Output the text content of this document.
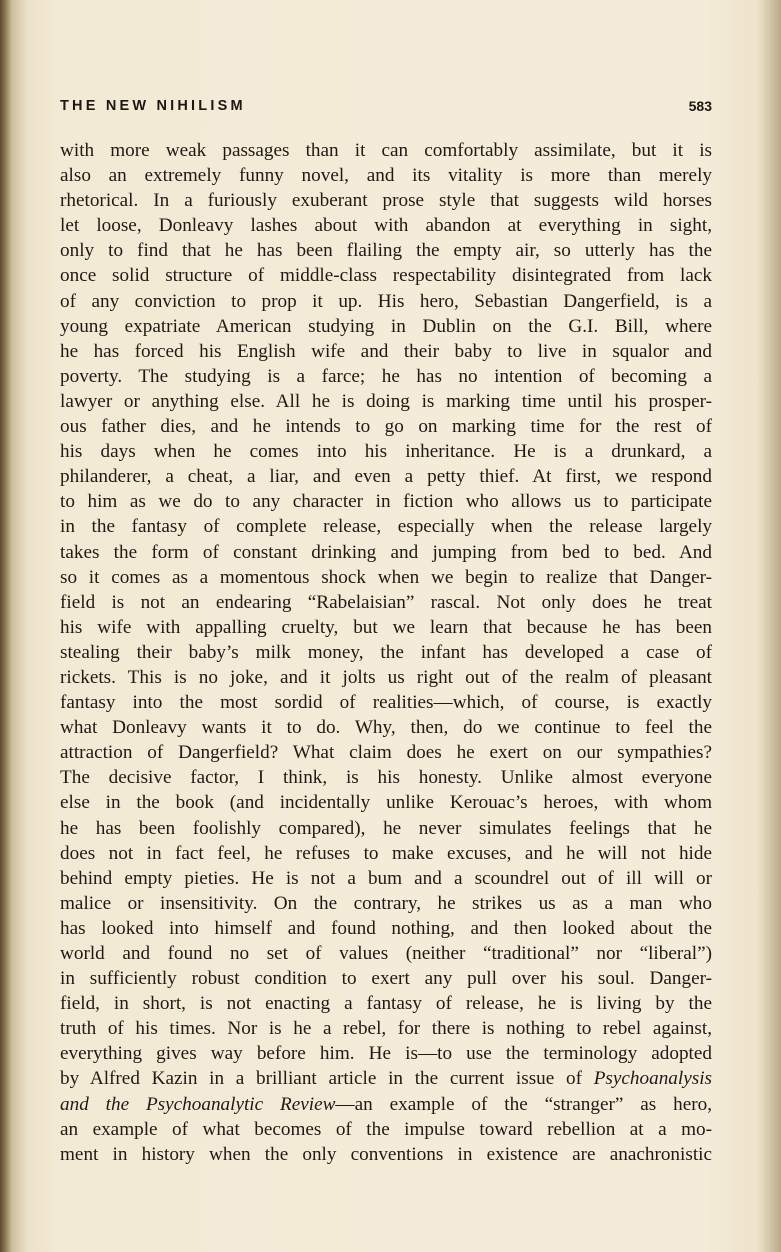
THE NEW NIHILISM	583
with more weak passages than it can comfortably assimilate, but it is
also an extremely funny novel, and its vitality is more than merely
rhetorical. In a furiously exuberant prose style that suggests wild horses
let loose, Donleavy lashes about with abandon at everything in sight,
only to find that he has been flailing the empty air, so utterly has the
once solid structure of middle-class respectability disintegrated from lack
of any conviction to prop it up. His hero, Sebastian Dangerfield, is a
young expatriate American studying in Dublin on the G.I. Bill, where
he has forced his English wife and their baby to live in squalor and
poverty. The studying is a farce; he has no intention of becoming a
lawyer or anything else. All he is doing is marking time until his prosper-
ous father dies, and he intends to go on marking time for the rest of
his days when he comes into his inheritance. He is a drunkard, a
philanderer, a cheat, a liar, and even a petty thief. At first, we respond
to him as we do to any character in fiction who allows us to participate
in the fantasy of complete release, especially when the release largely
takes the form of constant drinking and jumping from bed to bed. And
so it comes as a momentous shock when we begin to realize that Danger-
field is not an endearing “Rabelaisian” rascal. Not only does he treat
his wife with appalling cruelty, but we learn that because he has been
stealing their baby’s milk money, the infant has developed a case of
rickets. This is no joke, and it jolts us right out of the realm of pleasant
fantasy into the most sordid of realities—which, of course, is exactly
what Donleavy wants it to do. Why, then, do we continue to feel the
attraction of Dangerfield? What claim does he exert on our sympathies?
The decisive factor, I think, is his honesty. Unlike almost everyone
else in the book (and incidentally unlike Kerouac’s heroes, with whom
he has been foolishly compared), he never simulates feelings that he
does not in fact feel, he refuses to make excuses, and he will not hide
behind empty pieties. He is not a bum and a scoundrel out of ill will or
malice or insensitivity. On the contrary, he strikes us as a man who
has looked into himself and found nothing, and then looked about the
world and found no set of values (neither “traditional” nor “liberal”)
in sufficiently robust condition to exert any pull over his soul. Danger-
field, in short, is not enacting a fantasy of release, he is living by the
truth of his times. Nor is he a rebel, for there is nothing to rebel against,
everything gives way before him. He is—to use the terminology adopted
by Alfred Kazin in a brilliant article in the current issue of Psychoanalysis
and the Psychoanalytic Review—an example of the “stranger” as hero,
an example of what becomes of the impulse toward rebellion at a mo-
ment in history when the only conventions in existence are anachronistic
